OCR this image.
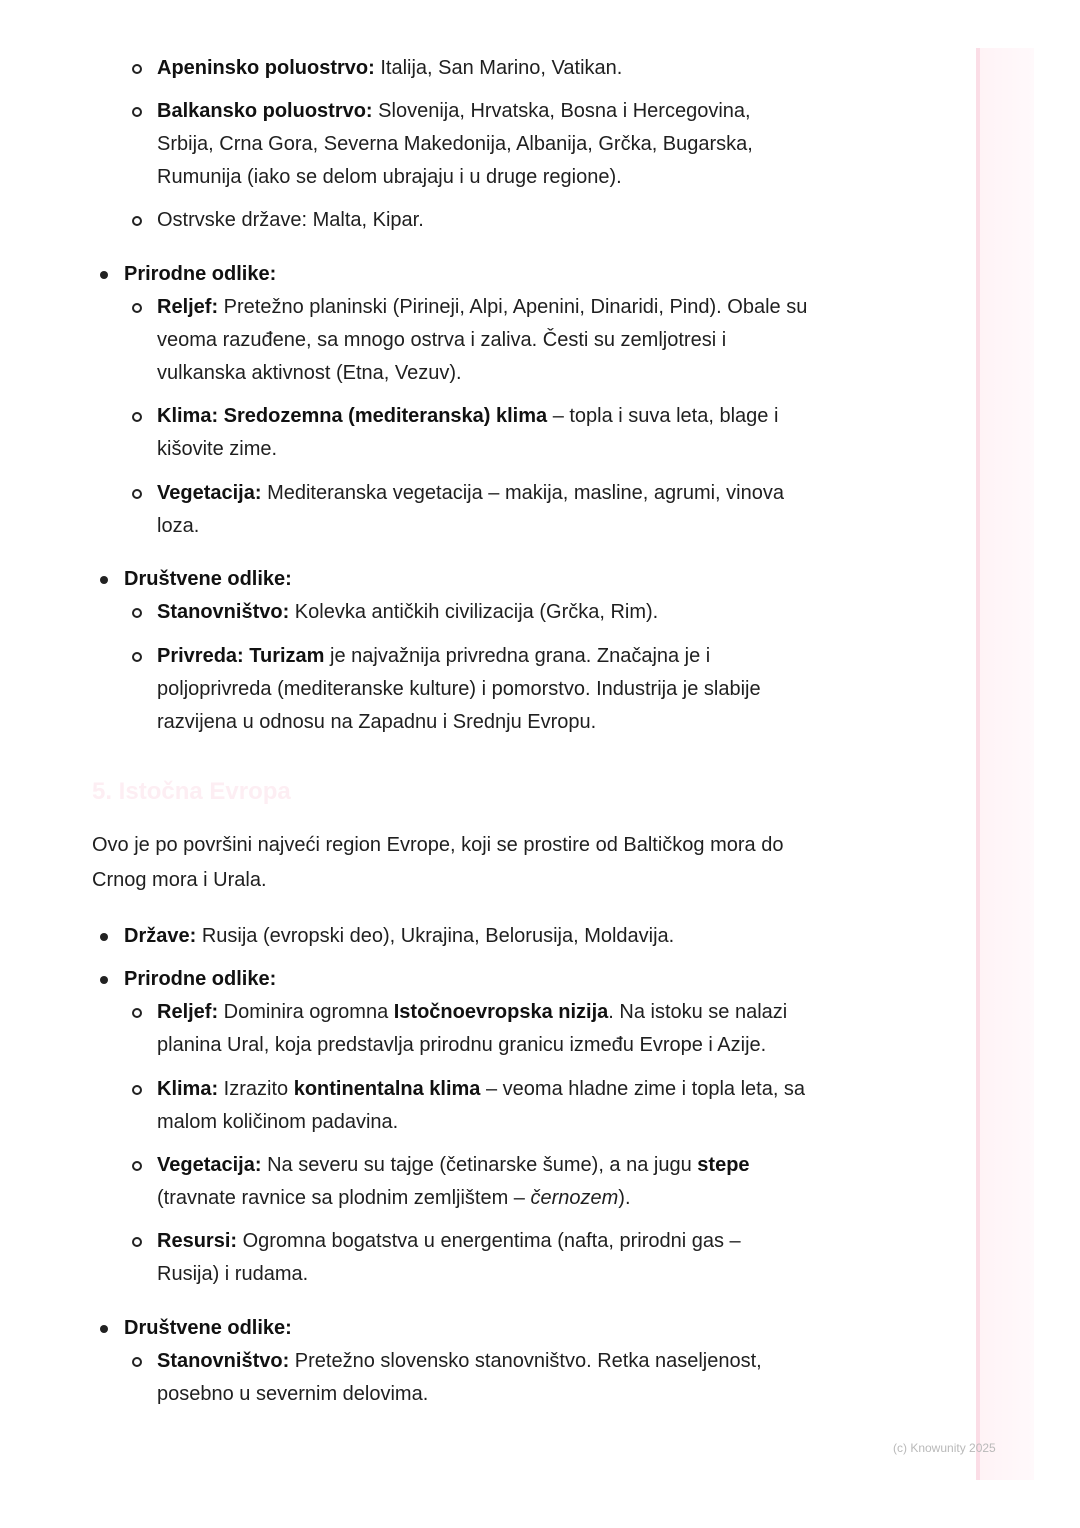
Apeninsko poluostrvo: Italija, San Marino, Vatikan.
Balkansko poluostrvo: Slovenija, Hrvatska, Bosna i Hercegovina, Srbija, Crna Gora, Severna Makedonija, Albanija, Grčka, Bugarska, Rumunija (iako se delom ubrajaju i u druge regione).
Ostrvske države: Malta, Kipar.
Prirodne odlike:
Reljef: Pretežno planinski (Pirineji, Alpi, Apenini, Dinaridi, Pind). Obale su veoma razuđene, sa mnogo ostrva i zaliva. Česti su zemljotresi i vulkanska aktivnost (Etna, Vezuv).
Klima: Sredozemna (mediteranska) klima – topla i suva leta, blage i kišovite zime.
Vegetacija: Mediteranska vegetacija – makija, masline, agrumi, vinova loza.
Društvene odlike:
Stanovništvo: Kolevka antičkih civilizacija (Grčka, Rim).
Privreda: Turizam je najvažnija privredna grana. Značajna je i poljoprivreda (mediteranske kulture) i pomorstvo. Industrija je slabije razvijena u odnosu na Zapadnu i Srednju Evropu.
5. Istočna Evropa
Ovo je po površini najveći region Evrope, koji se prostire od Baltičkog mora do Crnog mora i Urala.
Države: Rusija (evropski deo), Ukrajina, Belorusija, Moldavija.
Prirodne odlike:
Reljef: Dominira ogromna Istočnoevropska nizija. Na istoku se nalazi planina Ural, koja predstavlja prirodnu granicu između Evrope i Azije.
Klima: Izrazito kontinentalna klima – veoma hladne zime i topla leta, sa malom količinom padavina.
Vegetacija: Na severu su tajge (četinarske šume), a na jugu stepe (travnate ravnice sa plodnim zemljištem – černozem).
Resursi: Ogromna bogatstva u energentima (nafta, prirodni gas – Rusija) i rudama.
Društvene odlike:
Stanovništvo: Pretežno slovensko stanovništvo. Retka naseljenost, posebno u severnim delovima.
(c) Knowunity 2025
